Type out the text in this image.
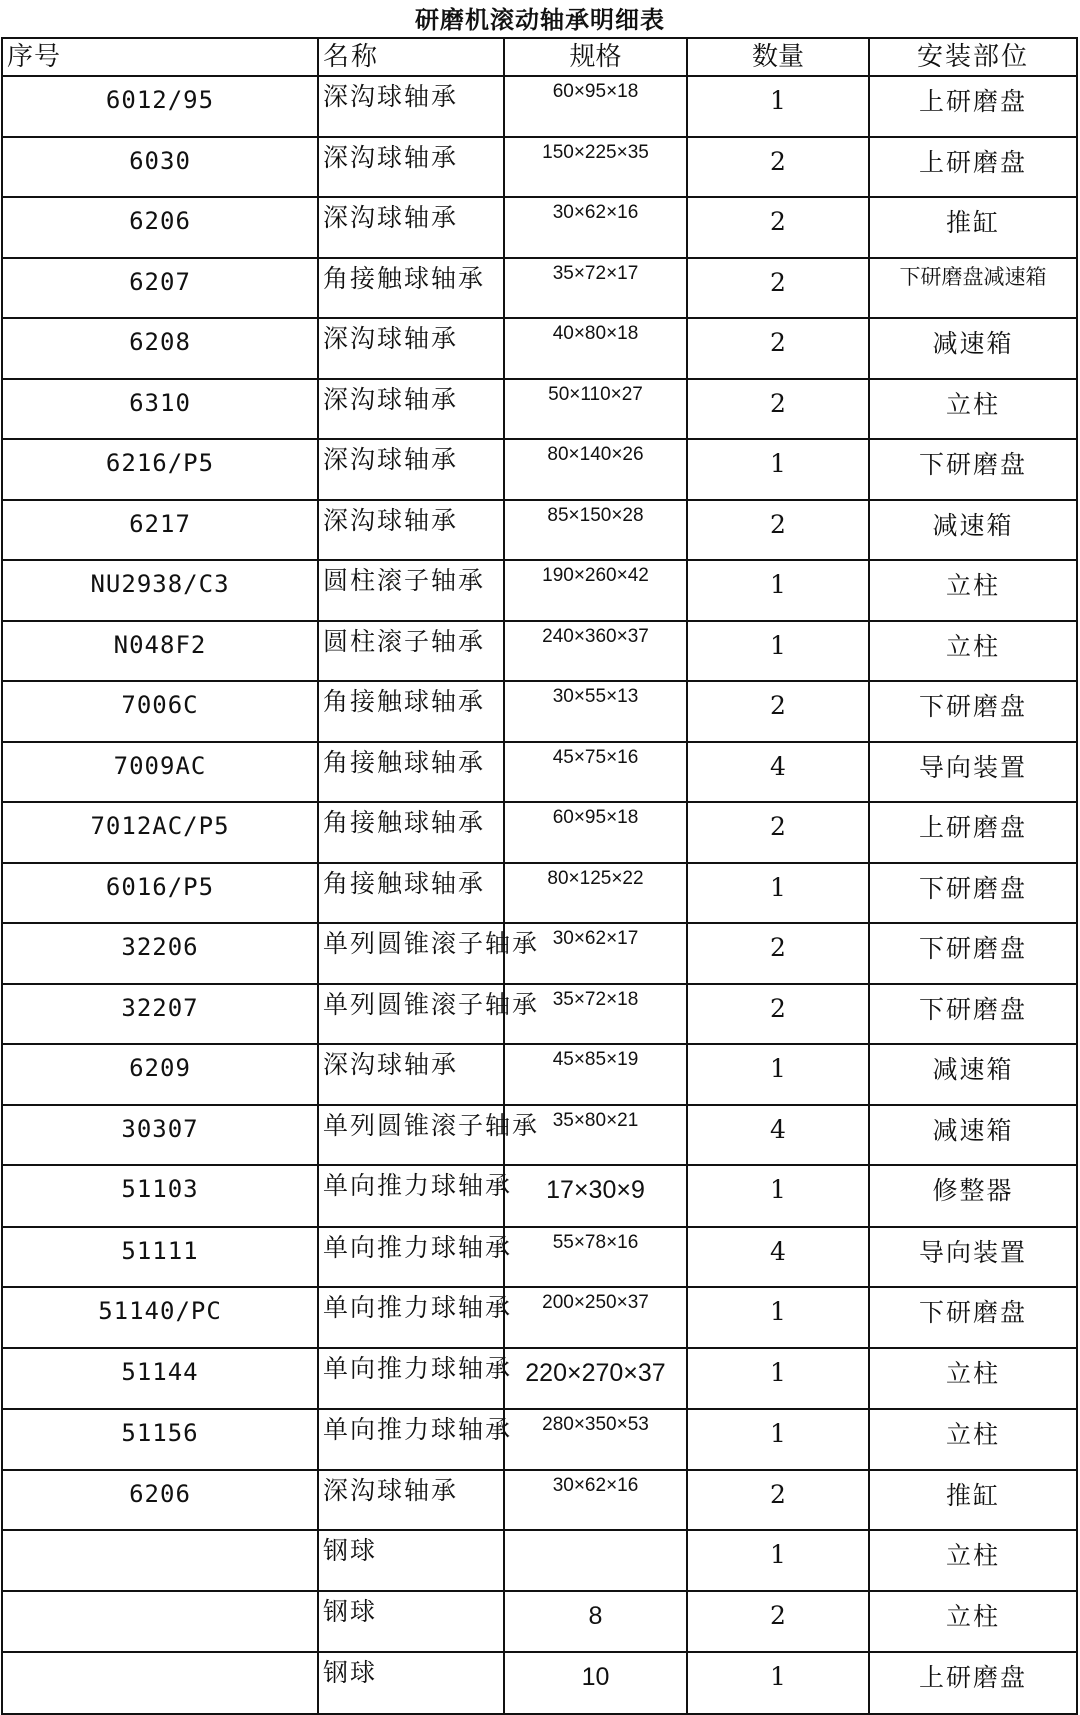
研磨机滚动轴承明细表
序号	名称	规格	数量	安装部位
6012/95	深沟球轴承	60×95×18	1	上研磨盘
6030	深沟球轴承	150×225×35	2	上研磨盘
6206	深沟球轴承	30×62×16	2	推缸
6207	角接触球轴承	35×72×17	2	下研磨盘减速箱
6208	深沟球轴承	40×80×18	2	减速箱
6310	深沟球轴承	50×110×27	2	立柱
6216/P5	深沟球轴承	80×140×26	1	下研磨盘
6217	深沟球轴承	85×150×28	2	减速箱
NU2938/C3	圆柱滚子轴承	190×260×42	1	立柱
N048F2	圆柱滚子轴承	240×360×37	1	立柱
7006C	角接触球轴承	30×55×13	2	下研磨盘
7009AC	角接触球轴承	45×75×16	4	导向装置
7012AC/P5	角接触球轴承	60×95×18	2	上研磨盘
6016/P5	角接触球轴承	80×125×22	1	下研磨盘
32206	单列圆锥滚子轴承	30×62×17	2	下研磨盘
32207	单列圆锥滚子轴承	35×72×18	2	下研磨盘
6209	深沟球轴承	45×85×19	1	减速箱
30307	单列圆锥滚子轴承	35×80×21	4	减速箱
51103	单向推力球轴承	17×30×9	1	修整器
51111	单向推力球轴承	55×78×16	4	导向装置
51140/PC	单向推力球轴承	200×250×37	1	下研磨盘
51144	单向推力球轴承	220×270×37	1	立柱
51156	单向推力球轴承	280×350×53	1	立柱
6206	深沟球轴承	30×62×16	2	推缸
	钢球		1	立柱
	钢球	8	2	立柱
	钢球	10	1	上研磨盘
